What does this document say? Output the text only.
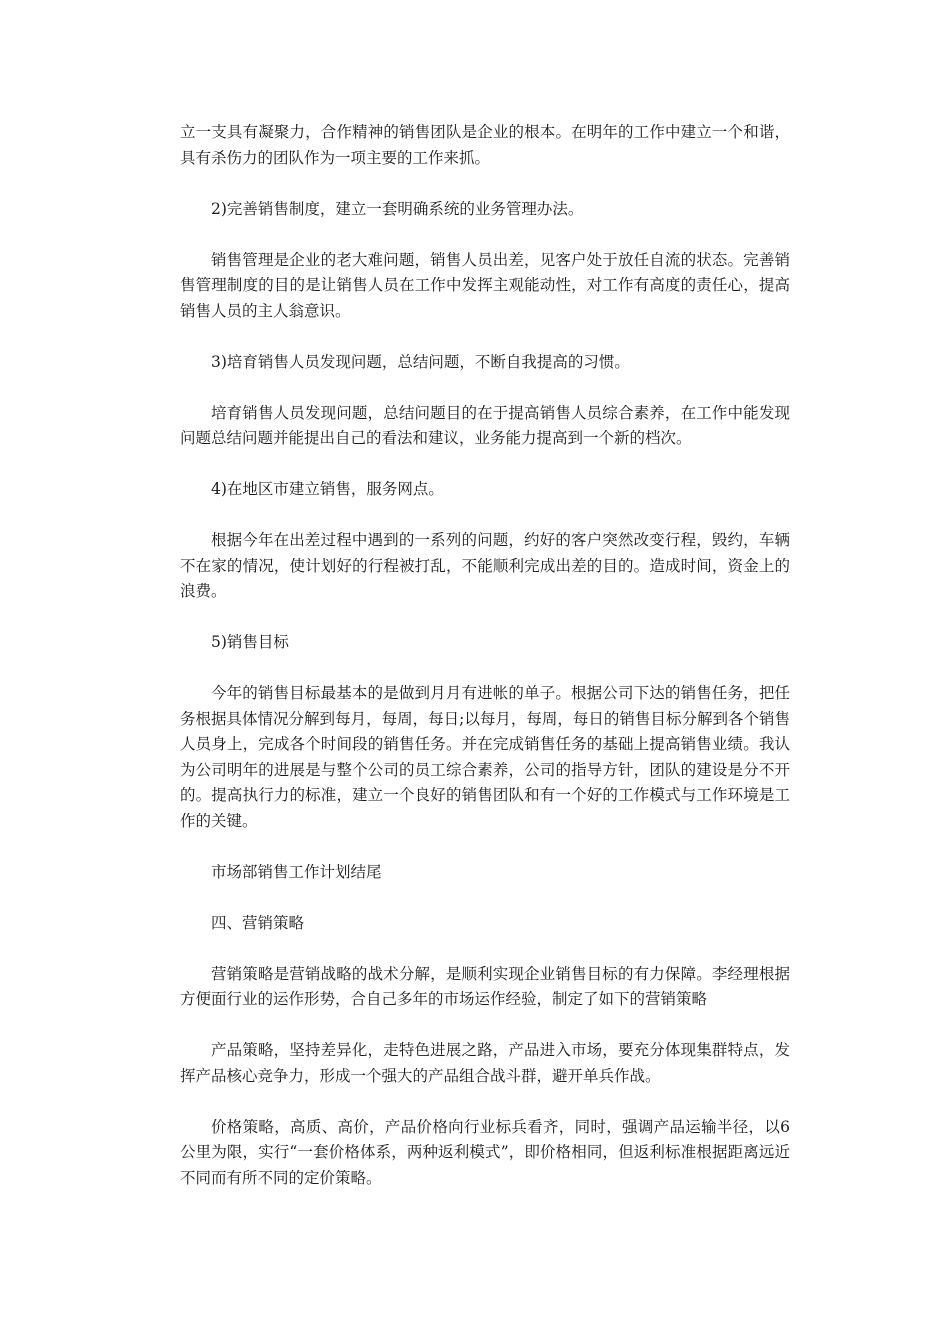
立一支具有凝聚力，合作精神的销售团队是企业的根本。在明年的工作中建立一个和谐，具有杀伤力的团队作为一项主要的工作来抓。

2)完善销售制度，建立一套明确系统的业务管理办法。

销售管理是企业的老大难问题，销售人员出差，见客户处于放任自流的状态。完善销售管理制度的目的是让销售人员在工作中发挥主观能动性，对工作有高度的责任心，提高销售人员的主人翁意识。

3)培育销售人员发现问题，总结问题，不断自我提高的习惯。

培育销售人员发现问题，总结问题目的在于提高销售人员综合素养，在工作中能发现问题总结问题并能提出自己的看法和建议，业务能力提高到一个新的档次。

4)在地区市建立销售，服务网点。

根据今年在出差过程中遇到的一系列的问题，约好的客户突然改变行程，毁约，车辆不在家的情况，使计划好的行程被打乱，不能顺利完成出差的目的。造成时间，资金上的浪费。

5)销售目标

今年的销售目标最基本的是做到月月有进帐的单子。根据公司下达的销售任务，把任务根据具体情况分解到每月，每周，每日;以每月，每周，每日的销售目标分解到各个销售人员身上，完成各个时间段的销售任务。并在完成销售任务的基础上提高销售业绩。我认为公司明年的进展是与整个公司的员工综合素养，公司的指导方针，团队的建设是分不开的。提高执行力的标准，建立一个良好的销售团队和有一个好的工作模式与工作环境是工作的关键。

市场部销售工作计划结尾

四、营销策略

营销策略是营销战略的战术分解，是顺利实现企业销售目标的有力保障。李经理根据方便面行业的运作形势，合自己多年的市场运作经验，制定了如下的营销策略

产品策略，坚持差异化，走特色进展之路，产品进入市场，要充分体现集群特点，发挥产品核心竞争力，形成一个强大的产品组合战斗群，避开单兵作战。

价格策略，高质、高价，产品价格向行业标兵看齐，同时，强调产品运输半径，以6公里为限，实行“一套价格体系，两种返利模式”，即价格相同，但返利标准根据距离远近不同而有所不同的定价策略。
